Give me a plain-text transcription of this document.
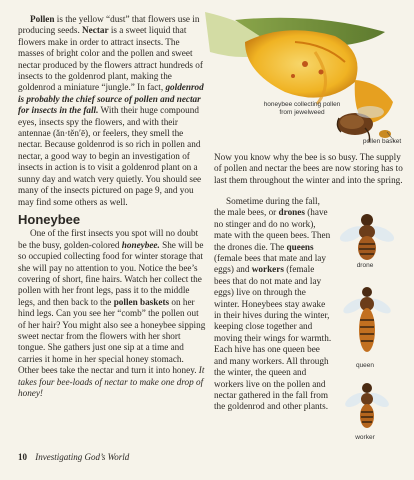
Pollen is the yellow “dust” that flowers use in producing seeds. Nectar is a sweet liquid that flowers make in order to attract insects. The masses of bright color and the pollen and sweet nectar produced by the flowers attract hundreds of insects to the goldenrod plant, making the goldenrod a miniature “jungle.” In fact, goldenrod is probably the chief source of pollen and nectar for insects in the fall. With their huge compound eyes, insects spy the flowers, and with their antennae (ăn·tĕn′ē), or feelers, they smell the nectar. Because goldenrod is so rich in pollen and nectar, a good way to begin an investigation of insects in action is to visit a goldenrod plant on a sunny day and watch very quietly. You should see many of the insects pictured on page 9, and you may find some others as well.

Honeybee

One of the first insects you spot will no doubt be the busy, golden-colored honeybee. She will be so occupied collecting food for winter storage that she will pay no attention to you. Notice the bee’s covering of short, fine hairs. Watch her collect the pollen with her front legs, pass it to the middle legs, and then back to the pollen baskets on her hind legs. Can you see her “comb” the pollen out of her hair? You might also see a honeybee sipping sweet nectar from the flowers with her short tongue. She gathers just one sip at a time and carries it home in her special honey stomach. Other bees take the nectar and turn it into honey. It takes four bee-loads of nectar to make one drop of honey!

honeybee collecting pollen from jewelweed
pollen basket
Now you know why the bee is so busy. The supply of pollen and nectar the bees are now storing has to last them throughout the winter and into the spring.

Sometime during the fall, the male bees, or drones (have no stinger and do no work), mate with the queen bees. Then the drones die. The queens (female bees that mate and lay eggs) and workers (female bees that do not mate and lay eggs) live on through the winter. Honeybees stay awake in their hives during the winter, keeping close together and moving their wings for warmth. Each hive has one queen bee and many workers. All through the winter, the queen and workers live on the pollen and nectar gathered in the fall from the goldenrod and other plants.

drone
queen
worker
10 Investigating God’s World
